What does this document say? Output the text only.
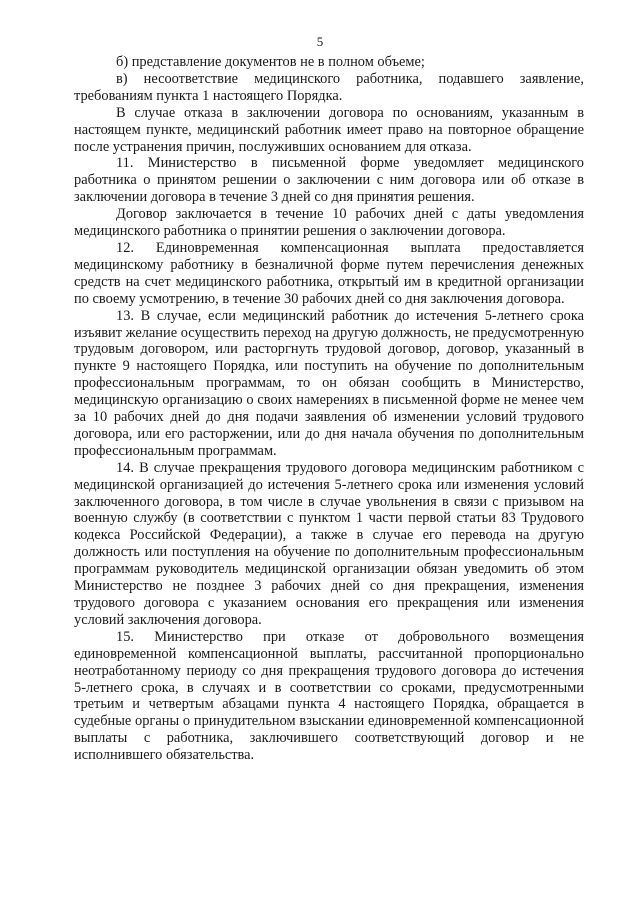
5

б) представление документов не в полном объеме;

в) несоответствие медицинского работника, подавшего заявление, требованиям пункта 1 настоящего Порядка.

В случае отказа в заключении договора по основаниям, указанным в настоящем пункте, медицинский работник имеет право на повторное обращение после устранения причин, послуживших основанием для отказа.

11. Министерство в письменной форме уведомляет медицинского работника о принятом решении о заключении с ним договора или об отказе в заключении договора в течение 3 дней со дня принятия решения.

Договор заключается в течение 10 рабочих дней с даты уведомления медицинского работника о принятии решения о заключении договора.

12. Единовременная компенсационная выплата предоставляется медицинскому работнику в безналичной форме путем перечисления денежных средств на счет медицинского работника, открытый им в кредитной организации по своему усмотрению, в течение 30 рабочих дней со дня заключения договора.

13. В случае, если медицинский работник до истечения 5-летнего срока изъявит желание осуществить переход на другую должность, не предусмотренную трудовым договором, или расторгнуть трудовой договор, договор, указанный в пункте 9 настоящего Порядка, или поступить на обучение по дополнительным профессиональным программам, то он обязан сообщить в Министерство, медицинскую организацию о своих намерениях в письменной форме не менее чем за 10 рабочих дней до дня подачи заявления об изменении условий трудового договора, или его расторжении, или до дня начала обучения по дополнительным профессиональным программам.

14. В случае прекращения трудового договора медицинским работником с медицинской организацией до истечения 5-летнего срока или изменения условий заключенного договора, в том числе в случае увольнения в связи с призывом на военную службу (в соответствии с пунктом 1 части первой статьи 83 Трудового кодекса Российской Федерации), а также в случае его перевода на другую должность или поступления на обучение по дополнительным профессиональным программам руководитель медицинской организации обязан уведомить об этом Министерство не позднее 3 рабочих дней со дня прекращения, изменения трудового договора с указанием основания его прекращения или изменения условий заключения договора.

15. Министерство при отказе от добровольного возмещения единовременной компенсационной выплаты, рассчитанной пропорционально неотработанному периоду со дня прекращения трудового договора до истечения 5-летнего срока, в случаях и в соответствии со сроками, предусмотренными третьим и четвертым абзацами пункта 4 настоящего Порядка, обращается в судебные органы о принудительном взыскании единовременной компенсационной выплаты с работника, заключившего соответствующий договор и не исполнившего обязательства.
